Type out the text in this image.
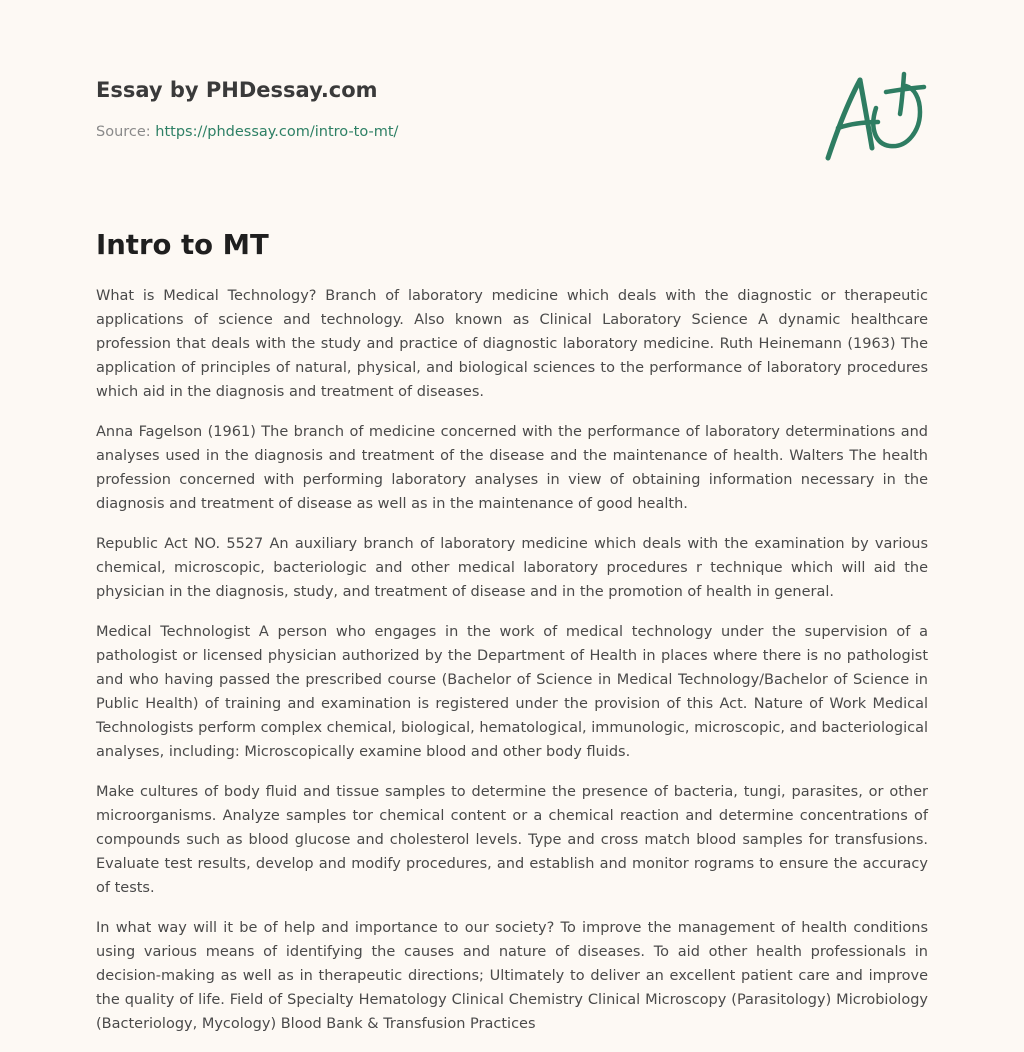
Essay by PHDessay.com
Source: https://phdessay.com/intro-to-mt/
Intro to MT

What is Medical Technology? Branch of laboratory medicine which deals with the diagnostic or therapeutic applications of science and technology. Also known as Clinical Laboratory Science A dynamic healthcare profession that deals with the study and practice of diagnostic laboratory medicine. Ruth Heinemann (1963) The application of principles of natural, physical, and biological sciences to the performance of laboratory procedures which aid in the diagnosis and treatment of diseases.

Anna Fagelson (1961) The branch of medicine concerned with the performance of laboratory determinations and analyses used in the diagnosis and treatment of the disease and the maintenance of health. Walters The health profession concerned with performing laboratory analyses in view of obtaining information necessary in the diagnosis and treatment of disease as well as in the maintenance of good health.

Republic Act NO. 5527 An auxiliary branch of laboratory medicine which deals with the examination by various chemical, microscopic, bacteriologic and other medical laboratory procedures r technique which will aid the physician in the diagnosis, study, and treatment of disease and in the promotion of health in general.

Medical Technologist A person who engages in the work of medical technology under the supervision of a pathologist or licensed physician authorized by the Department of Health in places where there is no pathologist and who having passed the prescribed course (Bachelor of Science in Medical Technology/Bachelor of Science in Public Health) of training and examination is registered under the provision of this Act. Nature of Work Medical Technologists perform complex chemical, biological, hematological, immunologic, microscopic, and bacteriological analyses, including: Microscopically examine blood and other body fluids.

Make cultures of body fluid and tissue samples to determine the presence of bacteria, tungi, parasites, or other microorganisms. Analyze samples tor chemical content or a chemical reaction and determine concentrations of compounds such as blood glucose and cholesterol levels. Type and cross match blood samples for transfusions. Evaluate test results, develop and modify procedures, and establish and monitor rograms to ensure the accuracy of tests.

In what way will it be of help and importance to our society? To improve the management of health conditions using various means of identifying the causes and nature of diseases. To aid other health professionals in decision-making as well as in therapeutic directions; Ultimately to deliver an excellent patient care and improve the quality of life. Field of Specialty Hematology Clinical Chemistry Clinical Microscopy (Parasitology) Microbiology (Bacteriology, Mycology) Blood Bank & Transfusion Practices
